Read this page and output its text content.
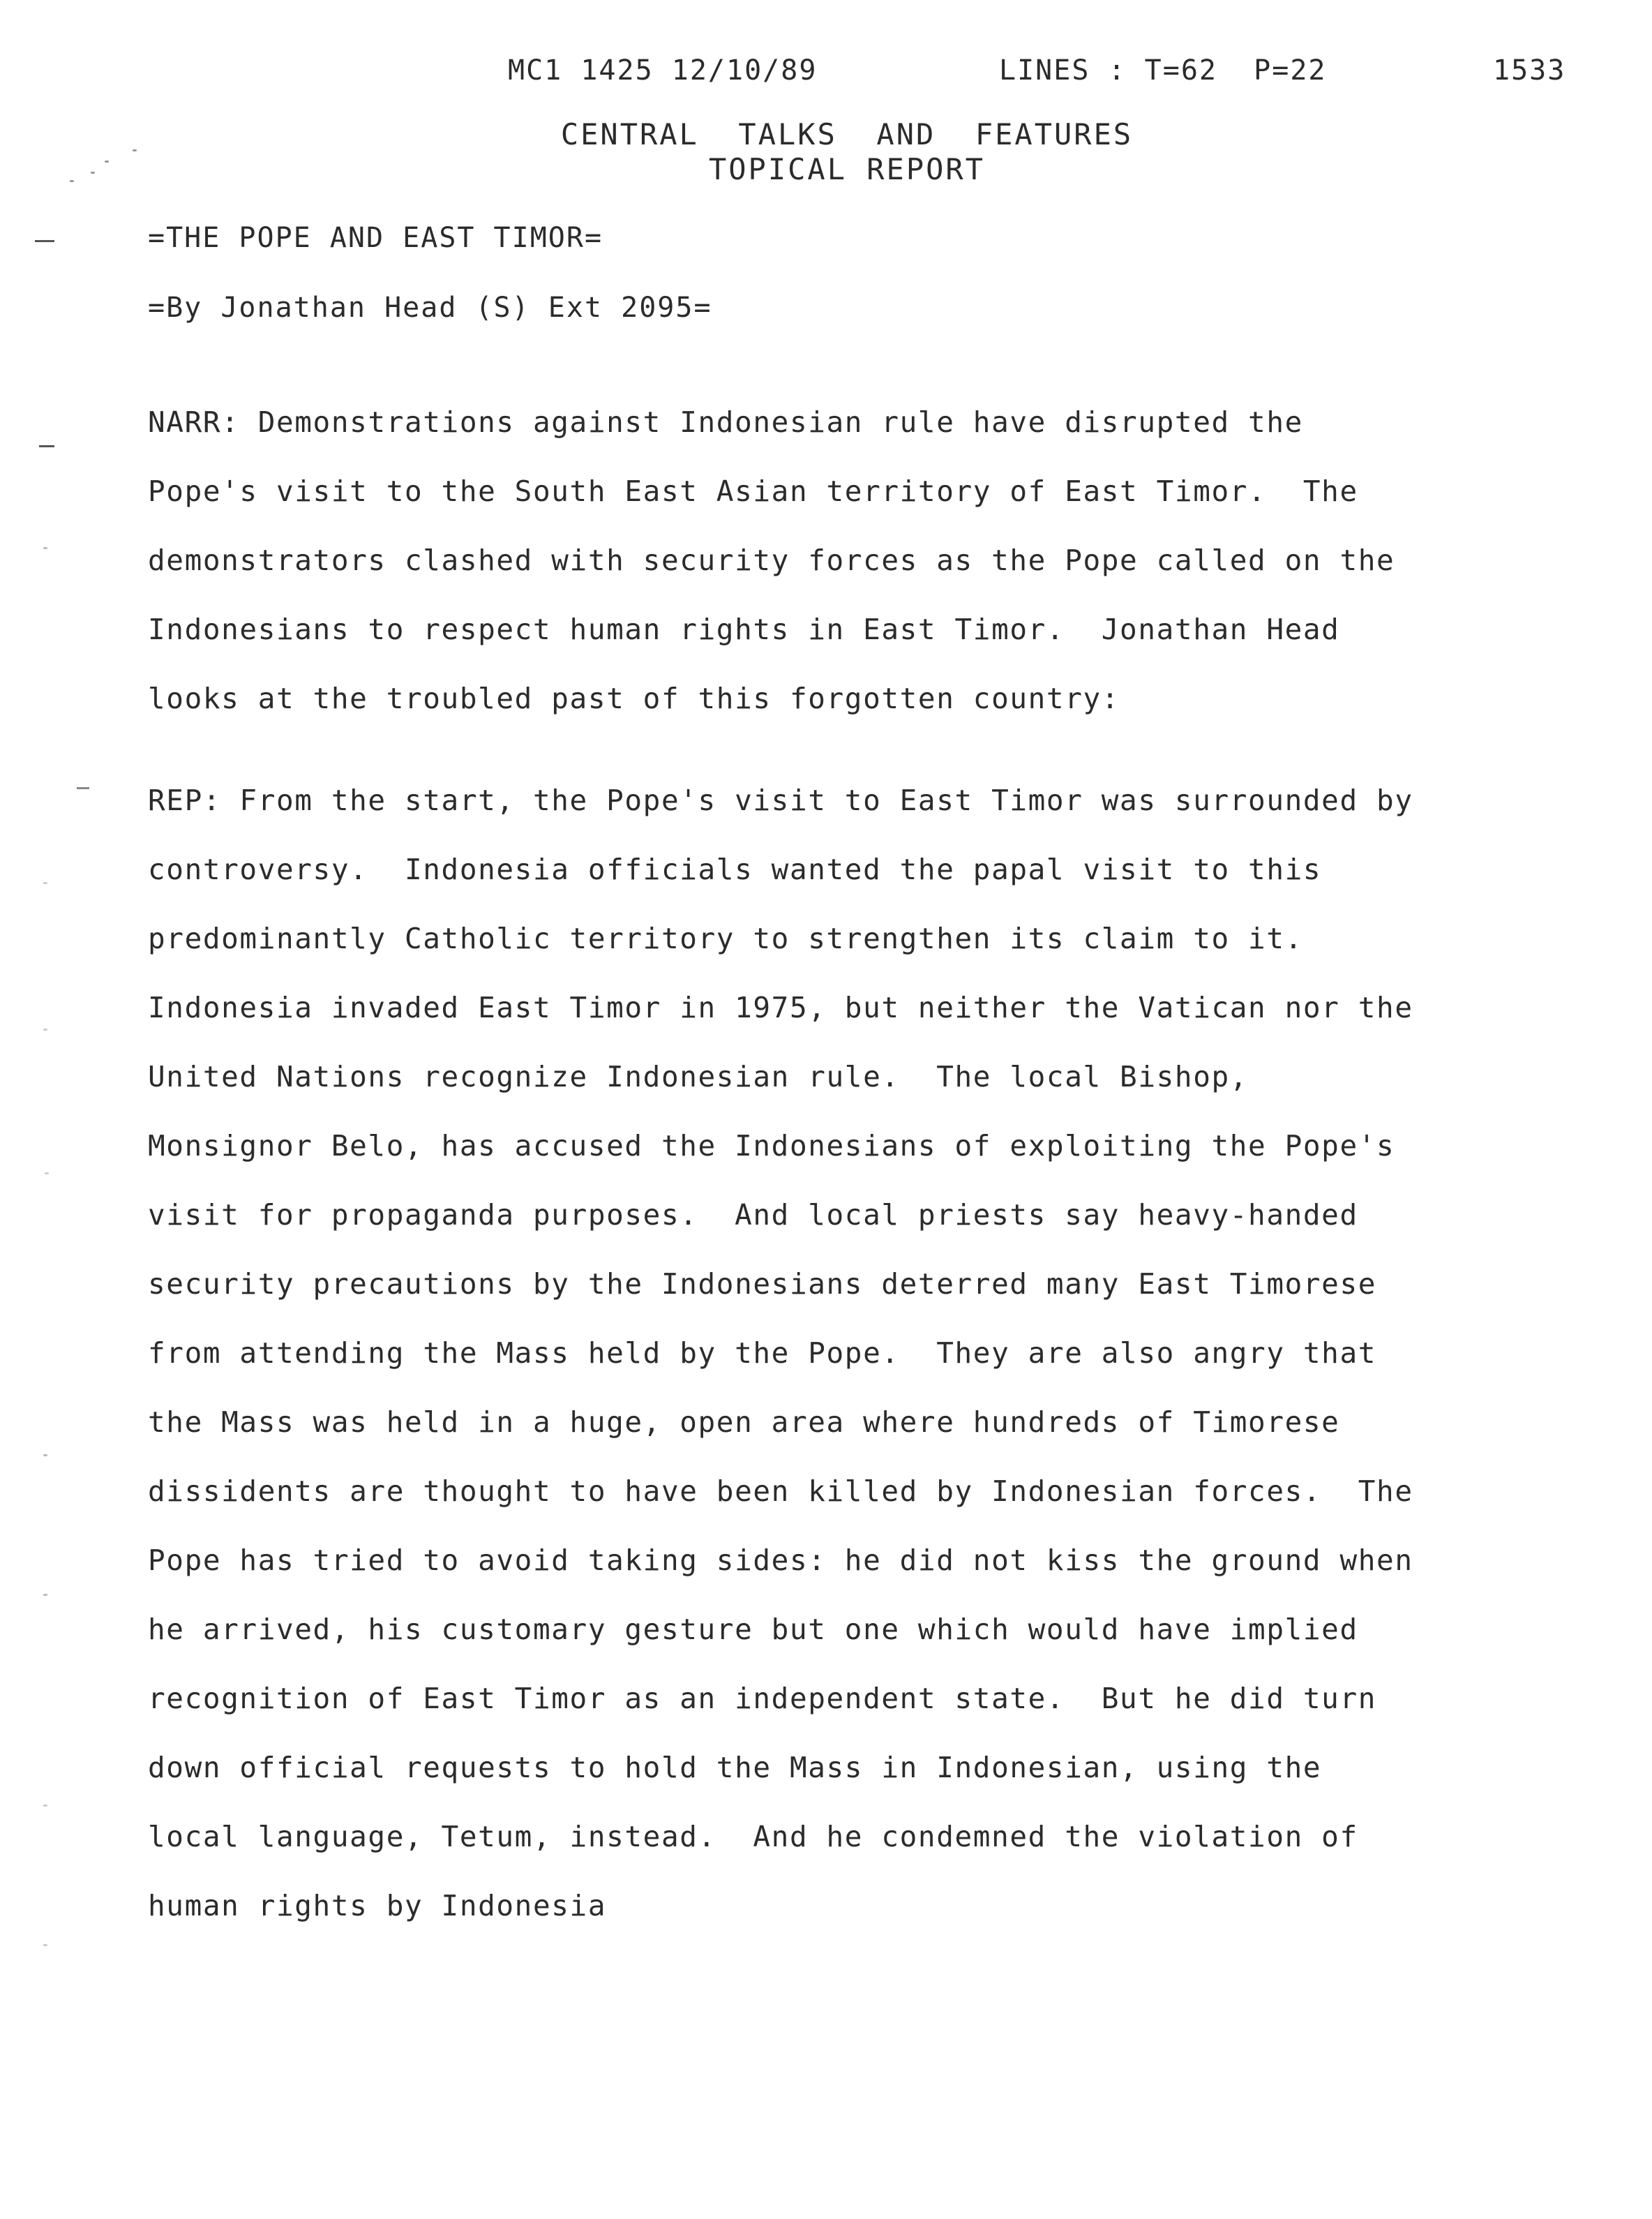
MC1 1425 12/10/89	LINES : T=62  P=22	1533
CENTRAL  TALKS  AND  FEATURES
TOPICAL REPORT
=THE POPE AND EAST TIMOR=
=By Jonathan Head (S) Ext 2095=
NARR: Demonstrations against Indonesian rule have disrupted the
Pope's visit to the South East Asian territory of East Timor.  The
demonstrators clashed with security forces as the Pope called on the
Indonesians to respect human rights in East Timor.  Jonathan Head
looks at the troubled past of this forgotten country:
REP: From the start, the Pope's visit to East Timor was surrounded by
controversy.  Indonesia officials wanted the papal visit to this
predominantly Catholic territory to strengthen its claim to it.
Indonesia invaded East Timor in 1975, but neither the Vatican nor the
United Nations recognize Indonesian rule.  The local Bishop,
Monsignor Belo, has accused the Indonesians of exploiting the Pope's
visit for propaganda purposes.  And local priests say heavy-handed
security precautions by the Indonesians deterred many East Timorese
from attending the Mass held by the Pope.  They are also angry that
the Mass was held in a huge, open area where hundreds of Timorese
dissidents are thought to have been killed by Indonesian forces.  The
Pope has tried to avoid taking sides: he did not kiss the ground when
he arrived, his customary gesture but one which would have implied
recognition of East Timor as an independent state.  But he did turn
down official requests to hold the Mass in Indonesian, using the
local language, Tetum, instead.  And he condemned the violation of
human rights by Indonesia
